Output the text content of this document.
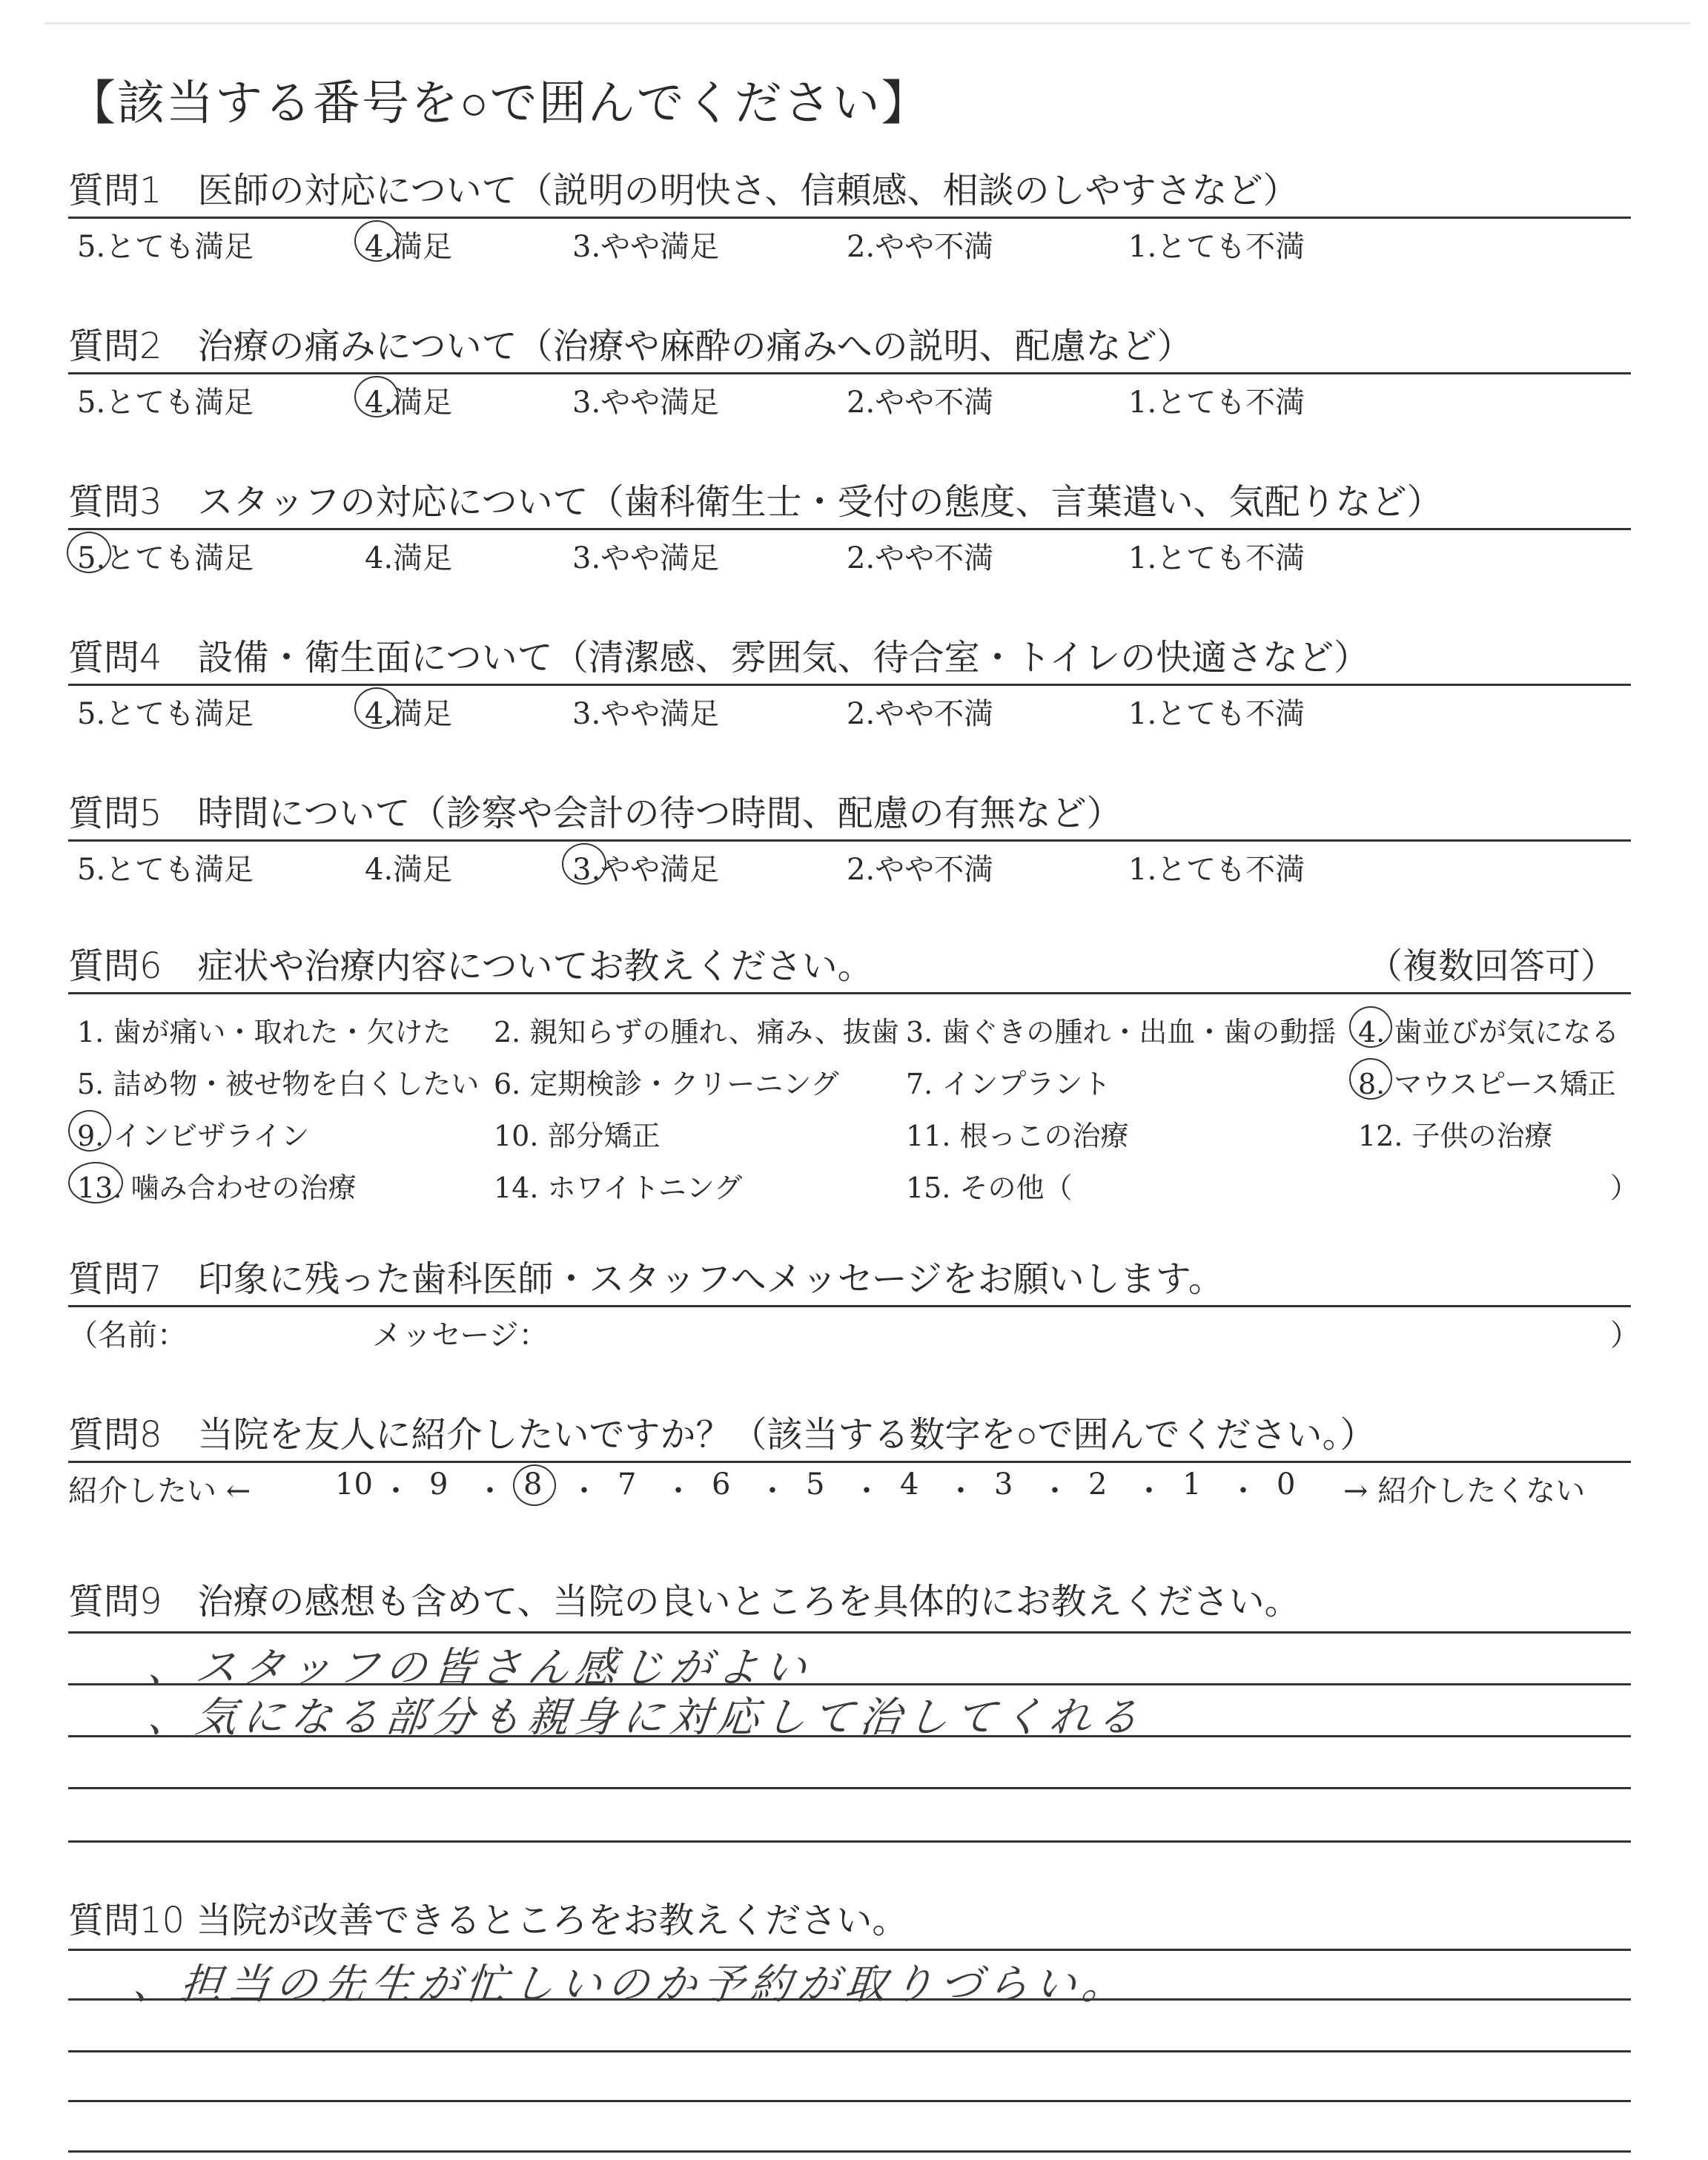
【該当する番号を○で囲んでください】
質問1　医師の対応について（説明の明快さ、信頼感、相談のしやすさなど）
5.とても満足	4.満足	3.やや満足	2.やや不満	1.とても不満
質問2　治療の痛みについて（治療や麻酔の痛みへの説明、配慮など）
5.とても満足	4.満足	3.やや満足	2.やや不満	1.とても不満
質問3　スタッフの対応について（歯科衛生士・受付の態度、言葉遣い、気配りなど）
5.とても満足	4.満足	3.やや満足	2.やや不満	1.とても不満
質問4　設備・衛生面について（清潔感、雰囲気、待合室・トイレの快適さなど）
5.とても満足	4.満足	3.やや満足	2.やや不満	1.とても不満
質問5　時間について（診察や会計の待つ時間、配慮の有無など）
5.とても満足	4.満足	3.やや満足	2.やや不満	1.とても不満
質問6　症状や治療内容についてお教えください。	（複数回答可）
1. 歯が痛い・取れた・欠けた 2. 親知らずの腫れ、痛み、抜歯 3. 歯ぐきの腫れ・出血・歯の動揺 4. 歯並びが気になる
5. 詰め物・被せ物を白くしたい 6. 定期検診・クリーニング 7. インプラント	8. マウスピース矯正
9. インビザライン	10. 部分矯正	11. 根っこの治療	12. 子供の治療
13. 噛み合わせの治療	14. ホワイトニング	15. その他（	）
質問7　印象に残った歯科医師・スタッフへメッセージをお願いします。
（名前：	メッセージ：	）
質問8　当院を友人に紹介したいですか？（該当する数字を○で囲んでください。）
紹介したい ←	→ 紹介したくない
10 ・ 9 ・ 8 ・ 7 ・ 6 ・ 5 ・ 4 ・ 3 ・ 2 ・ 1 ・ 0
質問9　治療の感想も含めて、当院の良いところを具体的にお教えください。
、スタッフの皆さん感じがよい
、気になる部分も親身に対応して治してくれる
質問10 当院が改善できるところをお教えください。
、担当の先生が忙しいのか予約が取りづらい。
